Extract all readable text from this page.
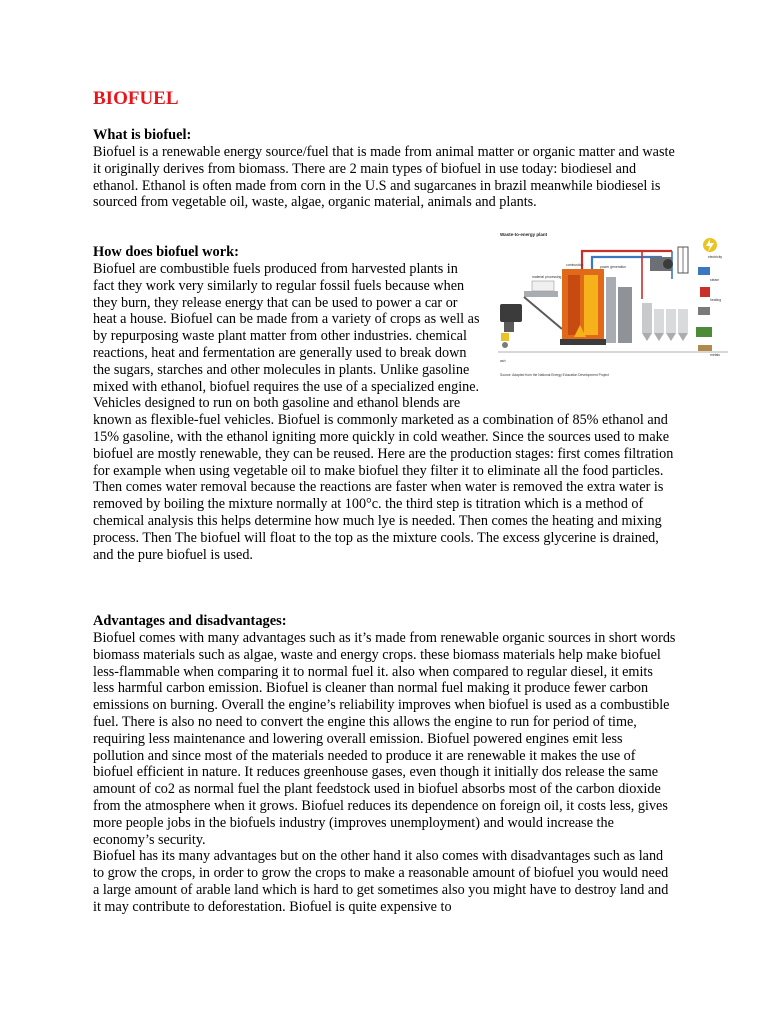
BIOFUEL
What is biofuel:

Biofuel is a renewable energy source/fuel that is made from animal matter or organic matter and waste it originally derives from biomass. There are 2 main types of biofuel in use today: biodiesel and ethanol. Ethanol is often made from corn in the U.S and sugarcanes in brazil meanwhile biodiesel is sourced from vegetable oil, waste, algae, organic material, animals and plants.

How does biofuel work:

Biofuel are combustible fuels produced from harvested plants in fact they work very similarly to regular fossil fuels because when they burn, they release energy that can be used to power a car or heat a house. Biofuel can be made from a variety of crops as well as by repurposing waste plant matter from other industries. chemical reactions, heat and fermentation are generally used to break down the sugars, starches and other molecules in plants. Unlike gasoline mixed with ethanol, biofuel requires the use of a specialized engine. Vehicles designed to run on both gasoline and ethanol blends are known as flexible-fuel vehicles. Biofuel is commonly marketed as a combination of 85% ethanol and 15% gasoline, with the ethanol igniting more quickly in cold weather. Since the sources used to make biofuel are mostly renewable, they can be reused. Here are the production stages: first comes filtration for example when using vegetable oil to make biofuel they filter it to eliminate all the food particles. Then comes water removal because the reactions are faster when water is removed the extra water is removed by boiling the mixture normally at 100°c. the third step is titration which is a method of chemical analysis this helps determine how much lye is needed. Then comes the heating and mixing process. Then The biofuel will float to the top as the mixture cools. The excess glycerine is drained, and the pure biofuel is used.

Waste-to-energy plant
power generation
material processing
combustion
electricity
steam
heating
ash
metals
Source: Adapted from the National Energy Education Development Project
Advantages and disadvantages:

Biofuel comes with many advantages such as it’s made from renewable organic sources in short words biomass materials such as algae, waste and energy crops. these biomass materials help make biofuel less-flammable when comparing it to normal fuel it. also when compared to regular diesel, it emits less harmful carbon emission. Biofuel is cleaner than normal fuel making it produce fewer carbon emissions on burning. Overall the engine’s reliability improves when biofuel is used as a combustible fuel. There is also no need to convert the engine this allows the engine to run for period of time, requiring less maintenance and lowering overall emission. Biofuel powered engines emit less pollution and since most of the materials needed to produce it are renewable it makes the use of biofuel efficient in nature. It reduces greenhouse gases, even though it initially dos release the same amount of co2 as normal fuel the plant feedstock used in biofuel absorbs most of the carbon dioxide from the atmosphere when it grows. Biofuel reduces its dependence on foreign oil, it costs less, gives more people jobs in the biofuels industry (improves unemployment) and would increase the economy’s security.

Biofuel has its many advantages but on the other hand it also comes with disadvantages such as land to grow the crops, in order to grow the crops to make a reasonable amount of biofuel you would need a large amount of arable land which is hard to get sometimes also you might have to destroy land and it may contribute to deforestation. Biofuel is quite expensive to
